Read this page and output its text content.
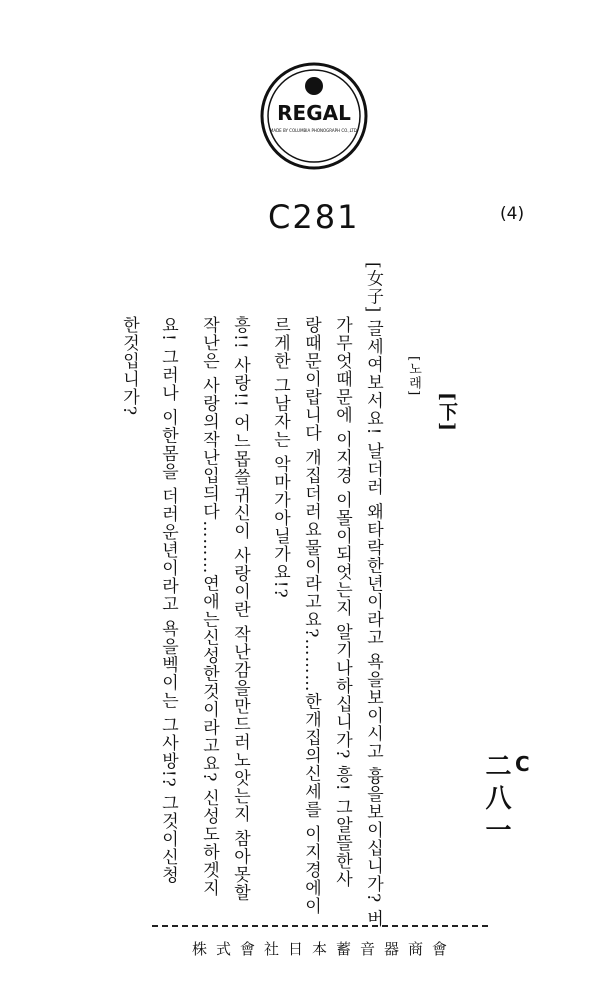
REGAL
MADE BY COLUMBIA PHONOGRAPH CO.,LTD.
C281	(4)
[下]
[노래]
[女子] 글세여보서요! 날더러 왜타락한년이라고 욕을보이시고 흉을보이십니가? 버
가무엇때문에 이지경 이몰이되엇는지 알기나하십니가? 흥! 그알뜰한사
랑때문이랍니다 개집더러요물이라고요?………한개집의신세를 이지경에이
르게한 그남자는 악마가아닐가요!?
흥!! 사랑!! 어느몹쓸귀신이 사랑이란 작난감을만드러노앗는지 참아못할
작난은 사랑의작난입듸다………연애는신성한것이라고요? 신성도하겟지
요! 그러나 이한몸을 더러운년이라고 욕을벡이는 그사방!? 그것이신청
한것입니가?
C
二八一
株式會社日本蓄音器商會
